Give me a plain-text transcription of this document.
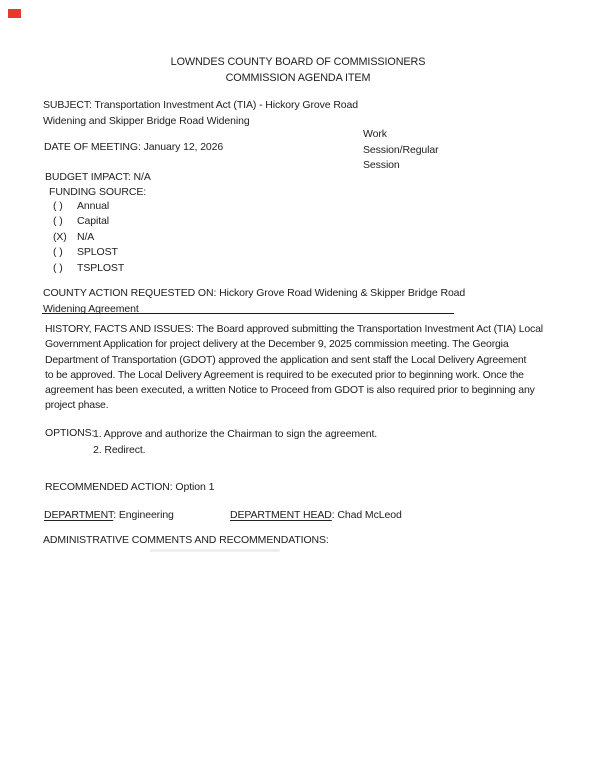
LOWNDES COUNTY BOARD OF COMMISSIONERS
COMMISSION AGENDA ITEM
SUBJECT: Transportation Investment Act (TIA) - Hickory Grove Road
Widening and Skipper Bridge Road Widening
Work Session/Regular Session
DATE OF MEETING: January 12, 2026
BUDGET IMPACT: N/A
FUNDING SOURCE:
( )	Annual
( )	Capital
(X) N/A
( )	SPLOST
( )	TSPLOST
COUNTY ACTION REQUESTED ON: Hickory Grove Road Widening & Skipper Bridge Road
Widening Agreement
HISTORY, FACTS AND ISSUES: The Board approved submitting the Transportation Investment Act (TIA) Local
Government Application for project delivery at the December 9, 2025 commission meeting. The Georgia
Department of Transportation (GDOT) approved the application and sent staff the Local Delivery Agreement
to be approved. The Local Delivery Agreement is required to be executed prior to beginning work. Once the
agreement has been executed, a written Notice to Proceed from GDOT is also required prior to beginning any
project phase.
OPTIONS:
1. Approve and authorize the Chairman to sign the agreement.
2. Redirect.
RECOMMENDED ACTION: Option 1
DEPARTMENT: Engineering	DEPARTMENT HEAD: Chad McLeod
ADMINISTRATIVE COMMENTS AND RECOMMENDATIONS:
